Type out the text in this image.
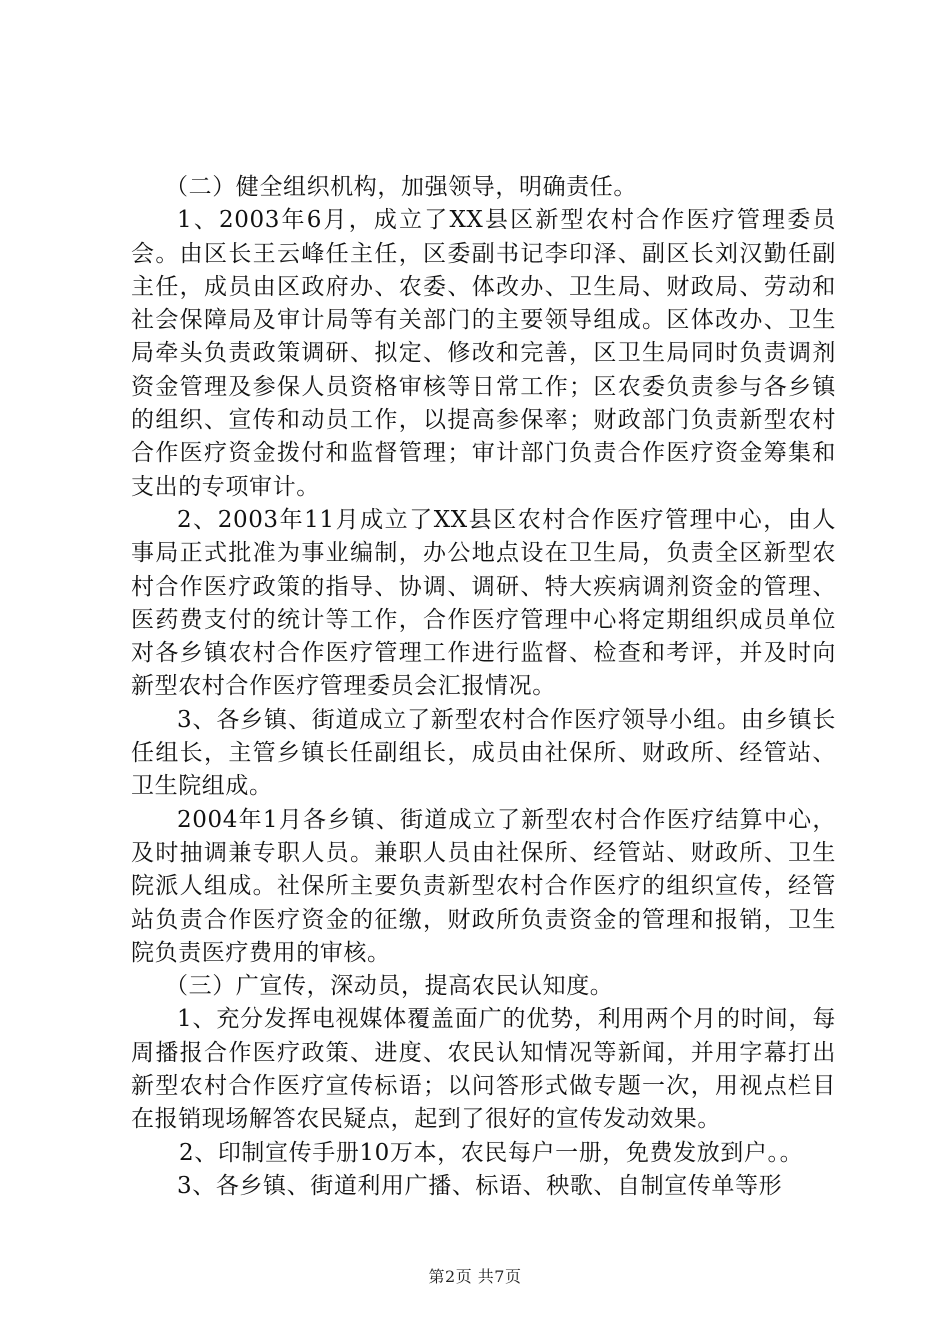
（二）健全组织机构，加强领导，明确责任。

1、2003年6月，成立了XX县区新型农村合作医疗管理委员会。由区长王云峰任主任，区委副书记李印泽、副区长刘汉勤任副主任，成员由区政府办、农委、体改办、卫生局、财政局、劳动和社会保障局及审计局等有关部门的主要领导组成。区体改办、卫生局牵头负责政策调研、拟定、修改和完善，区卫生局同时负责调剂资金管理及参保人员资格审核等日常工作；区农委负责参与各乡镇的组织、宣传和动员工作，以提高参保率；财政部门负责新型农村合作医疗资金拨付和监督管理；审计部门负责合作医疗资金筹集和支出的专项审计。

2、2003年11月成立了XX县区农村合作医疗管理中心，由人事局正式批准为事业编制，办公地点设在卫生局，负责全区新型农村合作医疗政策的指导、协调、调研、特大疾病调剂资金的管理、医药费支付的统计等工作，合作医疗管理中心将定期组织成员单位对各乡镇农村合作医疗管理工作进行监督、检查和考评，并及时向新型农村合作医疗管理委员会汇报情况。

3、各乡镇、街道成立了新型农村合作医疗领导小组。由乡镇长任组长，主管乡镇长任副组长，成员由社保所、财政所、经管站、卫生院组成。

2004年1月各乡镇、街道成立了新型农村合作医疗结算中心，及时抽调兼专职人员。兼职人员由社保所、经管站、财政所、卫生院派人组成。社保所主要负责新型农村合作医疗的组织宣传，经管站负责合作医疗资金的征缴，财政所负责资金的管理和报销，卫生院负责医疗费用的审核。

（三）广宣传，深动员，提高农民认知度。

1、充分发挥电视媒体覆盖面广的优势，利用两个月的时间，每周播报合作医疗政策、进度、农民认知情况等新闻，并用字幕打出新型农村合作医疗宣传标语；以问答形式做专题一次，用视点栏目在报销现场解答农民疑点，起到了很好的宣传发动效果。

2、印制宣传手册10万本，农民每户一册，免费发放到户。。

3、各乡镇、街道利用广播、标语、秧歌、自制宣传单等形

第2页 共7页
